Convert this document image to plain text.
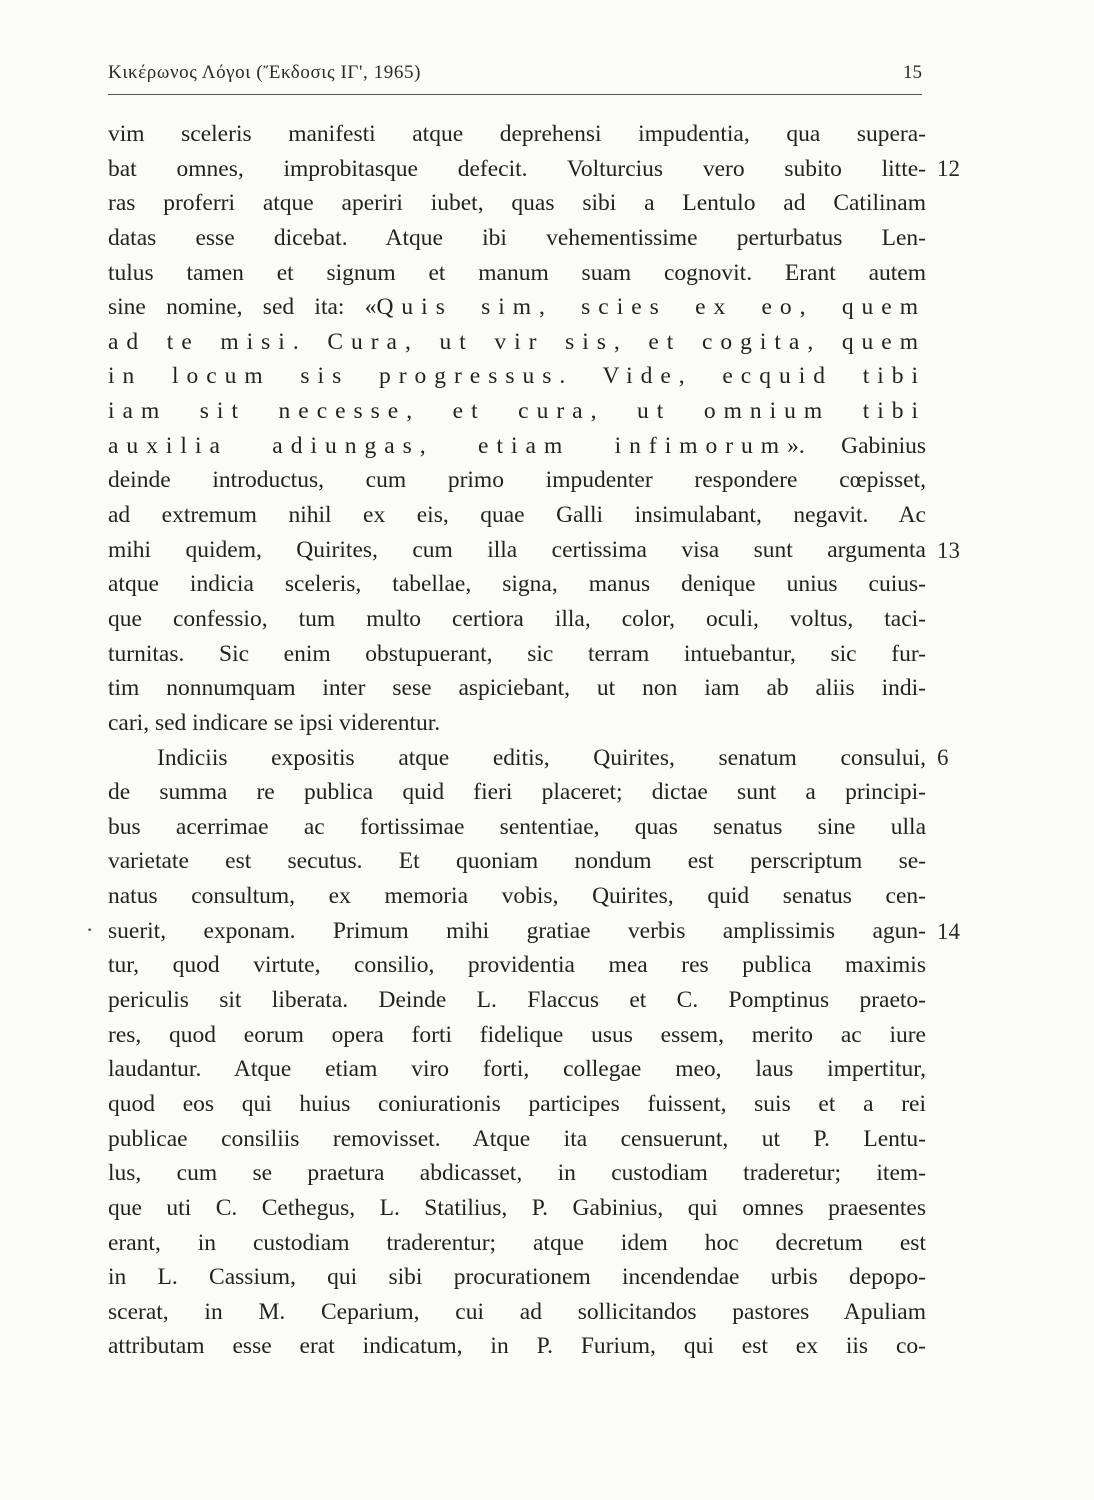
Κικέρωνος Λόγοι (Ἔκδοσις ΙΓ', 1965)	15
vim sceleris manifesti atque deprehensi impudentia, qua supera-
bat omnes, improbitasque defecit. Volturcius vero subito litte-
ras proferri atque aperiri iubet, quas sibi a Lentulo ad Catilinam
datas esse dicebat. Atque ibi vehementissime perturbatus Len-
tulus tamen et signum et manum suam cognovit. Erant autem
sine nomine, sed ita: «Quis sim, scies ex eo, quem
ad te misi. Cura, ut vir sis, et cogita, quem
in locum sis progressus. Vide, ecquid tibi
iam sit necesse, et cura, ut omnium tibi
auxilia adiungas, etiam infimorum». Gabinius
deinde introductus, cum primo impudenter respondere cœpisset,
ad extremum nihil ex eis, quae Galli insimulabant, negavit. Ac
mihi quidem, Quirites, cum illa certissima visa sunt argumenta
atque indicia sceleris, tabellae, signa, manus denique unius cuius-
que confessio, tum multo certiora illa, color, oculi, voltus, taci-
turnitas. Sic enim obstupuerant, sic terram intuebantur, sic fur-
tim nonnumquam inter sese aspiciebant, ut non iam ab aliis indi-
cari, sed indicare se ipsi viderentur.
Indiciis expositis atque editis, Quirites, senatum consului,
de summa re publica quid fieri placeret; dictae sunt a principi-
bus acerrimae ac fortissimae sententiae, quas senatus sine ulla
varietate est secutus. Et quoniam nondum est perscriptum se-
natus consultum, ex memoria vobis, Quirites, quid senatus cen-
suerit, exponam. Primum mihi gratiae verbis amplissimis agun-
tur, quod virtute, consilio, providentia mea res publica maximis
periculis sit liberata. Deinde L. Flaccus et C. Pomptinus praeto-
res, quod eorum opera forti fidelique usus essem, merito ac iure
laudantur. Atque etiam viro forti, collegae meo, laus impertitur,
quod eos qui huius coniurationis participes fuissent, suis et a rei
publicae consiliis removisset. Atque ita censuerunt, ut P. Lentu-
lus, cum se praetura abdicasset, in custodiam traderetur; item-
que uti C. Cethegus, L. Statilius, P. Gabinius, qui omnes praesentes
erant, in custodiam traderentur; atque idem hoc decretum est
in L. Cassium, qui sibi procurationem incendendae urbis depopo-
scerat, in M. Ceparium, cui ad sollicitandos pastores Apuliam
attributam esse erat indicatum, in P. Furium, qui est ex iis co-
12
13
6
14
·
